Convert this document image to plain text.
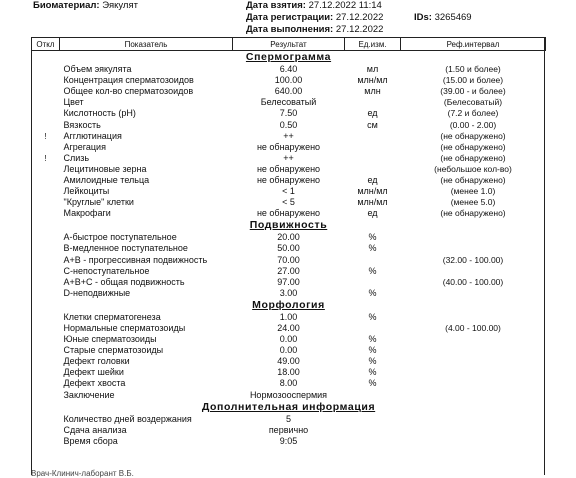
Биоматериал: Эякулят	Дата взятия: 27.12.2022 11:14
Дата регистрации: 27.12.2022	IDs: 3265469
Дата выполнения: 27.12.2022
Откл	Показатель	Результат	Ед.изм.	Реф.интервал
Спермограмма				
	Объем эякулята	6.40	мл	(1.50 и более)
	Концентрация сперматозоидов	100.00	млн/мл	(15.00 и более)
	Общее кол-во сперматозоидов	640.00	млн	(39.00 - и более)
	Цвет	Белесоватый		(Белесоватый)
	Кислотность (pH)	7.50	ед	(7.2 и более)
	Вязкость	0.50	см	(0.00 - 2.00)
!	Агглютинация	++		(не обнаружено)
	Агрегация	не обнаружено		(не обнаружено)
!	Слизь	++		(не обнаружено)
	Лецитиновые зерна	не обнаружено		(небольшое кол-во)
	Амилоидные тельца	не обнаружено	ед	(не обнаружено)
	Лейкоциты	< 1	млн/мл	(менее 1.0)
	"Круглые" клетки	< 5	млн/мл	(менее 5.0)
	Макрофаги	не обнаружено	ед	(не обнаружено)
Подвижность				
	А-быстрое поступательное	20.00	%	
	В-медленное поступательное	50.00	%	
	А+В - прогрессивная подвижность	70.00		(32.00 - 100.00)
	С-непоступательное	27.00	%	
	А+В+С - общая подвижность	97.00		(40.00 - 100.00)
	D-неподвижные	3.00	%	
Морфология				
	Клетки сперматогенеза	1.00	%	
	Нормальные сперматозоиды	24.00		(4.00 - 100.00)
	Юные сперматозоиды	0.00	%	
	Старые сперматозоиды	0.00	%	
	Дефект головки	49.00	%	
	Дефект шейки	18.00	%	
	Дефект хвоста	8.00	%	
	Заключение	Нормозооспермия		
Дополнительная информация				
	Количество дней воздержания	5		
	Сдача анализа	первично		
	Время сбора	9:05		
Врач-Клинич-лаборант В.Б.
